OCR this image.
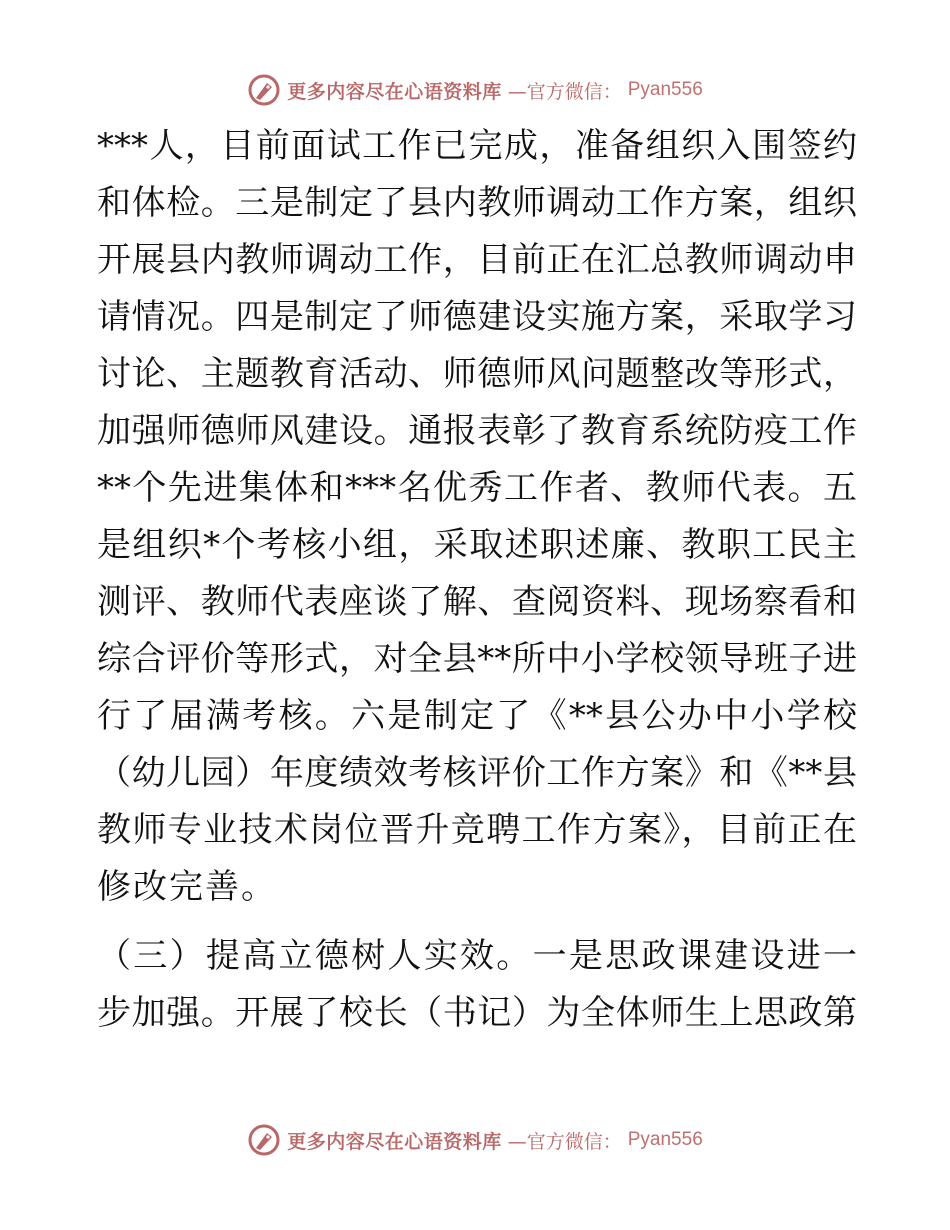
更多内容尽在心语资料库 —官方微信： Pyan556
***人，目前面试工作已完成，准备组织入围签约
和体检。三是制定了县内教师调动工作方案，组织
开展县内教师调动工作，目前正在汇总教师调动申
请情况。四是制定了师德建设实施方案，采取学习
讨论、主题教育活动、师德师风问题整改等形式，
加强师德师风建设。通报表彰了教育系统防疫工作
**个先进集体和***名优秀工作者、教师代表。五
是组织*个考核小组，采取述职述廉、教职工民主
测评、教师代表座谈了解、查阅资料、现场察看和
综合评价等形式，对全县**所中小学校领导班子进
行了届满考核。六是制定了《**县公办中小学校
（幼儿园）年度绩效考核评价工作方案》和《**县
教师专业技术岗位晋升竞聘工作方案》，目前正在
修改完善。
（三）提高立德树人实效。一是思政课建设进一
步加强。开展了校长（书记）为全体师生上思政第
更多内容尽在心语资料库 —官方微信： Pyan556
